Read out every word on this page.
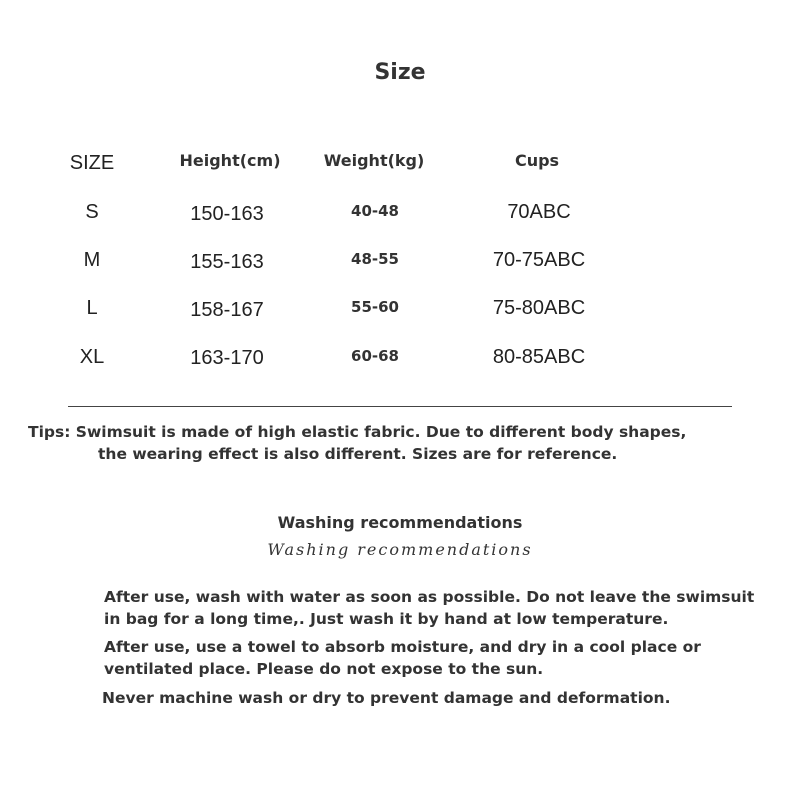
Size
SIZE	Height(cm)	Weight(kg)	Cups
S	150-163	40-48	70ABC
M	155-163	48-55	70-75ABC
L	158-167	55-60	75-80ABC
XL	163-170	60-68	80-85ABC
Tips: Swimsuit is made of high elastic fabric. Due to different body shapes,
the wearing effect is also different. Sizes are for reference.
Washing recommendations
Washing recommendations
After use, wash with water as soon as possible. Do not leave the swimsuit
in bag for a long time,. Just wash it by hand at low temperature.
After use, use a towel to absorb moisture, and dry in a cool place or
ventilated place. Please do not expose to the sun.
Never machine wash or dry to prevent damage and deformation.
